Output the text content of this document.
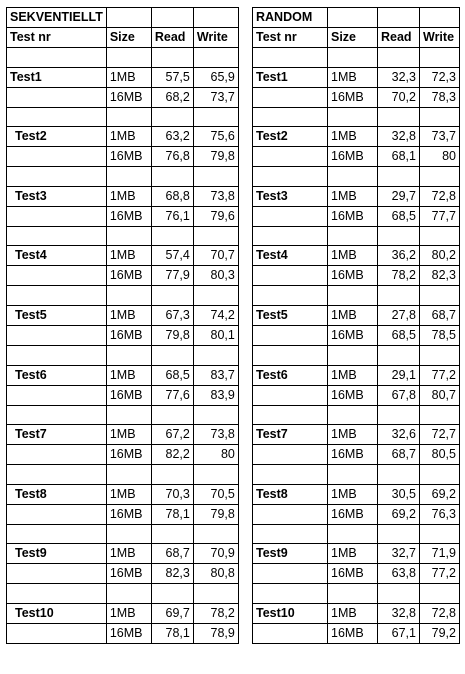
SEKVENTIELLT			
Test nr	Size	Read	Write

Test1	1MB	57,5	65,9
	16MB	68,2	73,7

Test2	1MB	63,2	75,6
	16MB	76,8	79,8

Test3	1MB	68,8	73,8
	16MB	76,1	79,6

Test4	1MB	57,4	70,7
	16MB	77,9	80,3

Test5	1MB	67,3	74,2
	16MB	79,8	80,1

Test6	1MB	68,5	83,7
	16MB	77,6	83,9

Test7	1MB	67,2	73,8
	16MB	82,2	80

Test8	1MB	70,3	70,5
	16MB	78,1	79,8

Test9	1MB	68,7	70,9
	16MB	82,3	80,8

Test10	1MB	69,7	78,2
	16MB	78,1	78,9
RANDOM			
Test nr	Size	Read	Write

Test1	1MB	32,3	72,3
	16MB	70,2	78,3

Test2	1MB	32,8	73,7
	16MB	68,1	80

Test3	1MB	29,7	72,8
	16MB	68,5	77,7

Test4	1MB	36,2	80,2
	16MB	78,2	82,3

Test5	1MB	27,8	68,7
	16MB	68,5	78,5

Test6	1MB	29,1	77,2
	16MB	67,8	80,7

Test7	1MB	32,6	72,7
	16MB	68,7	80,5

Test8	1MB	30,5	69,2
	16MB	69,2	76,3

Test9	1MB	32,7	71,9
	16MB	63,8	77,2

Test10	1MB	32,8	72,8
	16MB	67,1	79,2
